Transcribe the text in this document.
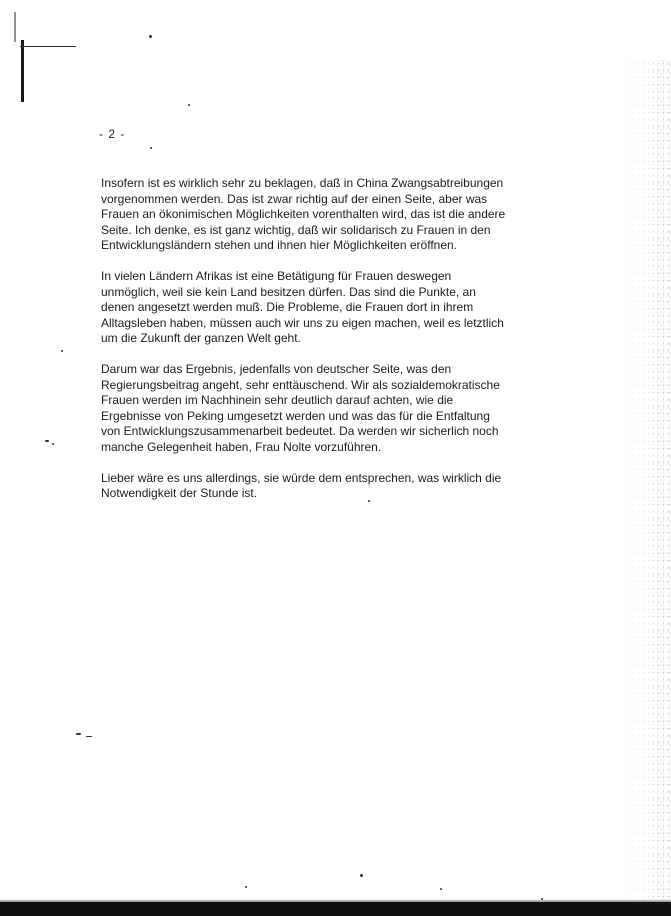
- 2 -

Insofern ist es wirklich sehr zu beklagen, daß in China Zwangsabtreibungen
vorgenommen werden. Das ist zwar richtig auf der einen Seite, aber was
Frauen an ökonimischen Möglichkeiten vorenthalten wird, das ist die andere
Seite. Ich denke, es ist ganz wichtig, daß wir solidarisch zu Frauen in den
Entwicklungsländern stehen und ihnen hier Möglichkeiten eröffnen.

In vielen Ländern Afrikas ist eine Betätigung für Frauen deswegen
unmöglich, weil sie kein Land besitzen dürfen. Das sind die Punkte, an
denen angesetzt werden muß. Die Probleme, die Frauen dort in ihrem
Alltagsleben haben, müssen auch wir uns zu eigen machen, weil es letztlich
um die Zukunft der ganzen Welt geht.

Darum war das Ergebnis, jedenfalls von deutscher Seite, was den
Regierungsbeitrag angeht, sehr enttäuschend. Wir als sozialdemokratische
Frauen werden im Nachhinein sehr deutlich darauf achten, wie die
Ergebnisse von Peking umgesetzt werden und was das für die Entfaltung
von Entwicklungszusammenarbeit bedeutet. Da werden wir sicherlich noch
manche Gelegenheit haben, Frau Nolte vorzuführen.

Lieber wäre es uns allerdings, sie würde dem entsprechen, was wirklich die
Notwendigkeit der Stunde ist.
